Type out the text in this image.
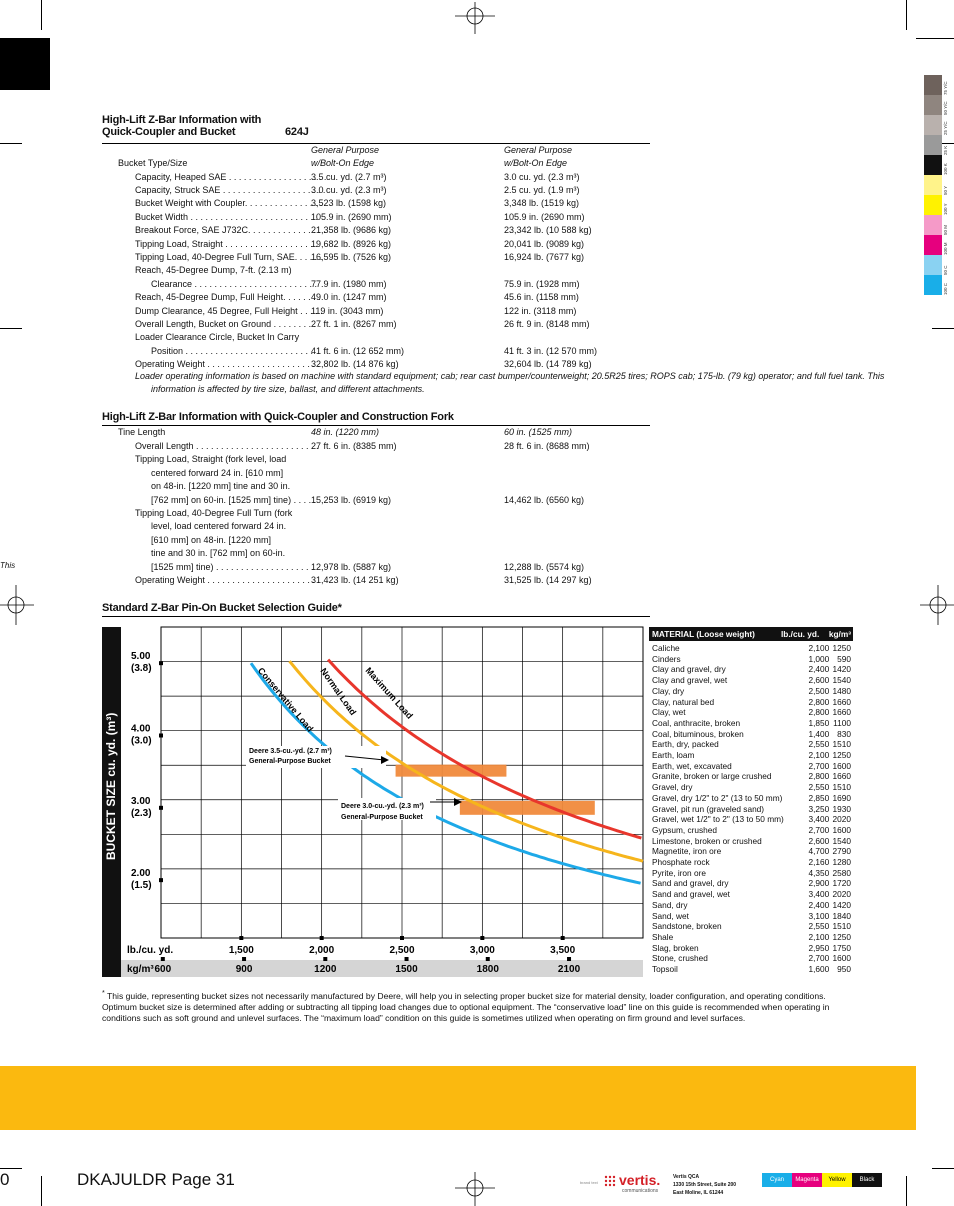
75 Y/C
50 Y/C
25 Y/C
25 K
100 K
50 Y
100 Y
50 M
100 M
50 C
100 C
High-Lift Z-Bar Information with
Quick-Coupler and Bucket	624J
General Purpose	General Purpose
Bucket Type/Size	w/Bolt-On Edge	w/Bolt-On Edge
Capacity, Heaped SAE . . . . . . . . . . . . . . . . . . . .
3.5 cu. yd. (2.7 m³)	3.0 cu. yd. (2.3 m³)
Capacity, Struck SAE . . . . . . . . . . . . . . . . . . . . .
3.0 cu. yd. (2.3 m³)	2.5 cu. yd. (1.9 m³)
Bucket Weight with Coupler. . . . . . . . . . . . . . . .
3,523 lb. (1598 kg)	3,348 lb. (1519 kg)
Bucket Width . . . . . . . . . . . . . . . . . . . . . . . . . .
105.9 in. (2690 mm)	105.9 in. (2690 mm)
Breakout Force, SAE J732C. . . . . . . . . . . . . . . .
21,358 lb. (9686 kg)	23,342 lb. (10 588 kg)
Tipping Load, Straight . . . . . . . . . . . . . . . . . . .
19,682 lb. (8926 kg)	20,041 lb. (9089 kg)
Tipping Load, 40-Degree Full Turn, SAE. . . . . .
16,595 lb. (7526 kg)	16,924 lb. (7677 kg)
Reach, 45-Degree Dump, 7-ft. (2.13 m)
Clearance . . . . . . . . . . . . . . . . . . . . . . . . .
77.9 in. (1980 mm)	75.9 in. (1928 mm)
Reach, 45-Degree Dump, Full Height. . . . . . . .
49.0 in. (1247 mm)	45.6 in. (1158 mm)
Dump Clearance, 45 Degree, Full Height . . . . .
119 in. (3043 mm)	122 in. (3118 mm)
Overall Length, Bucket on Ground . . . . . . . . . .
27 ft. 1 in. (8267 mm)	26 ft. 9 in. (8148 mm)
Loader Clearance Circle, Bucket In Carry
Position . . . . . . . . . . . . . . . . . . . . . . . . . .
41 ft. 6 in. (12 652 mm)	41 ft. 3 in. (12 570 mm)
Operating Weight . . . . . . . . . . . . . . . . . . . . . . .
32,802 lb. (14 876 kg)	32,604 lb. (14 789 kg)
Loader operating information is based on machine with standard equipment; cab; rear cast bumper/counterweight; 20.5R25 tires; ROPS cab; 175-lb. (79 kg) operator; and full fuel tank. This
information is affected by tire size, ballast, and different attachments.
High-Lift Z-Bar Information with Quick-Coupler and Construction Fork
Tine Length	48 in. (1220 mm)	60 in. (1525 mm)
Overall Length . . . . . . . . . . . . . . . . . . . . . . . . .
27 ft. 6 in. (8385 mm)	28 ft. 6 in. (8688 mm)
Tipping Load, Straight (fork level, load
centered forward 24 in. [610 mm]
on 48-in. [1220 mm] tine and 30 in.
[762 mm] on 60-in. [1525 mm] tine) . . . . .
15,253 lb. (6919 kg)	14,462 lb. (6560 kg)
Tipping Load, 40-Degree Full Turn (fork
level, load centered forward 24 in.
[610 mm] on 48-in. [1220 mm]
tine and 30 in. [762 mm] on 60-in.
[1525 mm] tine) . . . . . . . . . . . . . . . . . . . .
12,978 lb. (5887 kg)	12,288 lb. (5574 kg)
Operating Weight . . . . . . . . . . . . . . . . . . . . . . .
31,423 lb. (14 251 kg)	31,525 lb. (14 297 kg)
This
Standard Z-Bar Pin-On Bucket Selection Guide*
BUCKET SIZE cu. yd. (m³)
5.00
(3.8)
4.00
(3.0)
3.00
(2.3)
2.00
(1.5)
lb./cu. yd.	1,500	2,000	2,500	3,000	3,500
kg/m³ 600	900	1200	1500	1800	2100
Conservative Load Normal Load Maximum Load
Deere 3.5-cu.-yd. (2.7 m³)
General-Purpose Bucket
Deere 3.0-cu.-yd. (2.3 m³)
General-Purpose Bucket
MATERIAL (Loose weight)	lb./cu. yd. kg/m³
Caliche	2,100	1250
Cinders	1,000	590
Clay and gravel, dry	2,400	1420
Clay and gravel, wet	2,600	1540
Clay, dry	2,500	1480
Clay, natural bed	2,800	1660
Clay, wet	2,800	1660
Coal, anthracite, broken	1,850	1100
Coal, bituminous, broken	1,400	830
Earth, dry, packed	2,550	1510
Earth, loam	2,100	1250
Earth, wet, excavated	2,700	1600
Granite, broken or large crushed	2,800	1660
Gravel, dry	2,550	1510
Gravel, dry 1/2" to 2" (13 to 50 mm)	2,850	1690
Gravel, pit run (graveled sand)	3,250	1930
Gravel, wet 1/2" to 2" (13 to 50 mm)	3,400	2020
Gypsum, crushed	2,700	1600
Limestone, broken or crushed	2,600	1540
Magnetite, iron ore	4,700	2790
Phosphate rock	2,160	1280
Pyrite, iron ore	4,350	2580
Sand and gravel, dry	2,900	1720
Sand and gravel, wet	3,400	2020
Sand, dry	2,400	1420
Sand, wet	3,100	1840
Sandstone, broken	2,550	1510
Shale	2,100	1250
Slag, broken	2,950	1750
Stone, crushed	2,700	1600
Topsoil	1,600	950
* This guide, representing bucket sizes not necessarily manufactured by Deere, will help you in selecting proper bucket size for material density, loader configuration, and operating conditions. Optimum bucket size is determined after adding or subtracting all tipping load changes due to optional equipment. The “conservative load” line on this guide is recommended when operating in conditions such as soft ground and unlevel surfaces. The “maximum load” condition on this guide is sometimes utilized when operating on firm ground and level surfaces.
0	DKAJULDR Page 31	brand text vertis.
communications
Vertis QCA
1330 15th Street, Suite 200
East Moline, IL 61244
Cyan	Magenta	Yellow	Black
